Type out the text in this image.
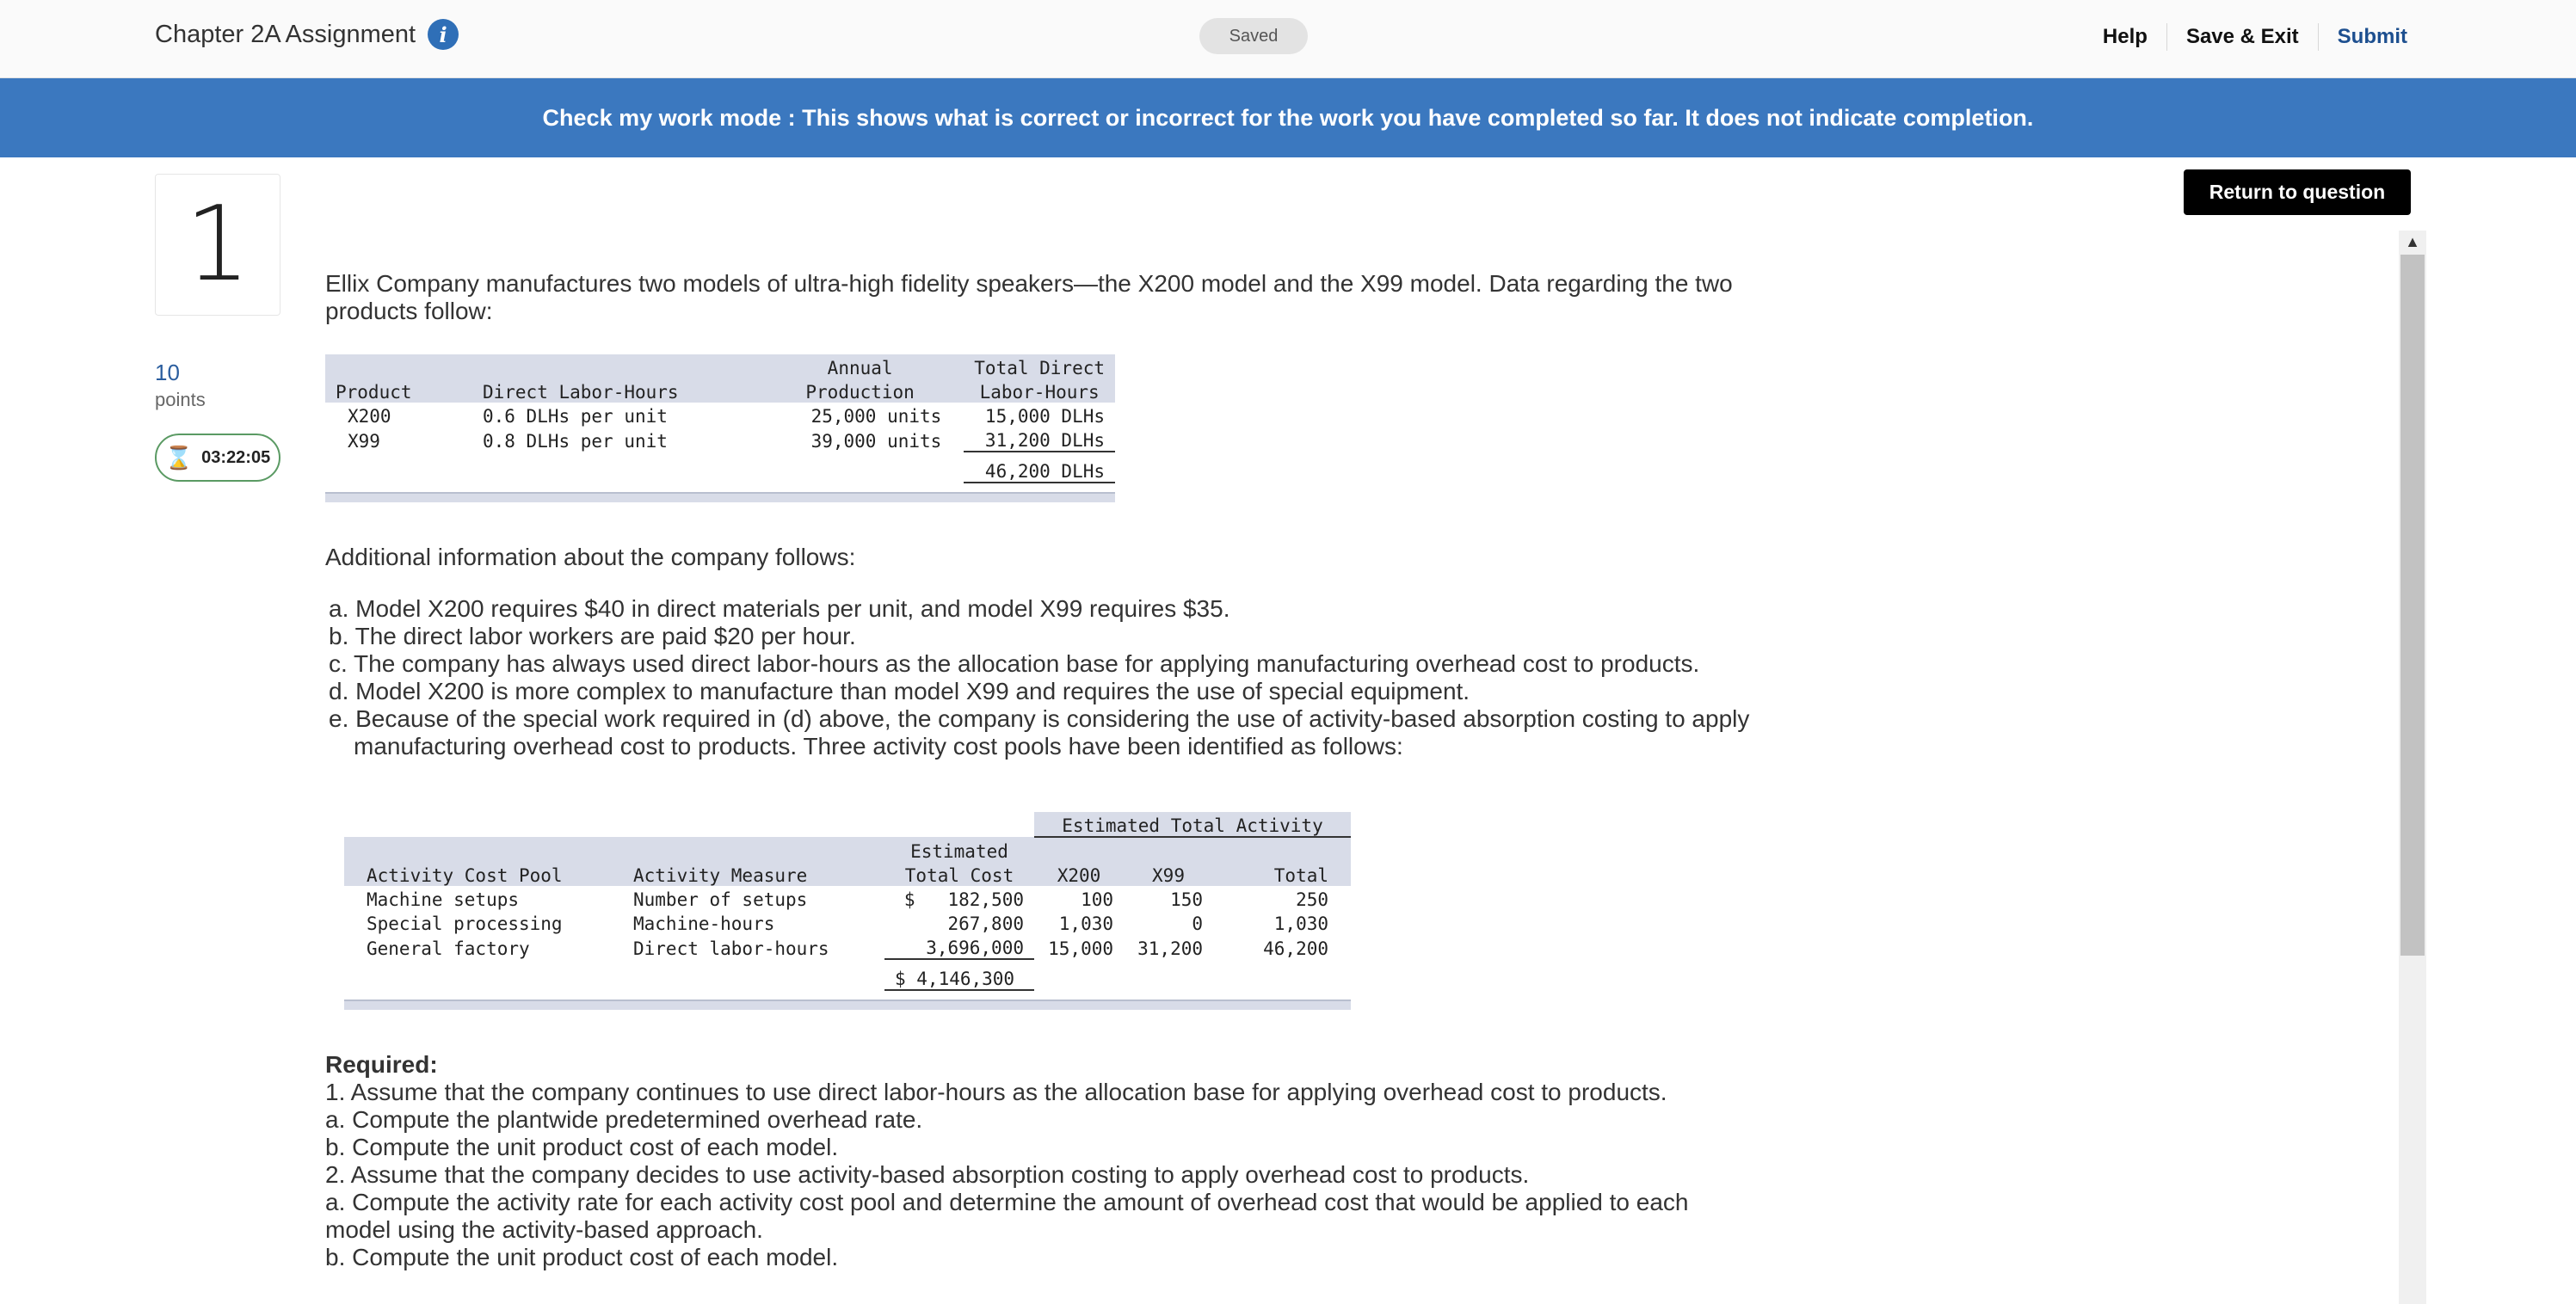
Chapter 2A Assignment	i	Saved	Help	Save & Exit	Submit
Check my work mode : This shows what is correct or incorrect for the work you have completed so far. It does not indicate completion.
1
10
points
⌛ 03:22:05
Return to question
▲
Ellix Company manufactures two models of ultra-high fidelity speakers—the X200 model and the X99 model. Data regarding the two products follow:
		Annual	Total Direct
Product	Direct Labor-Hours	Production	Labor-Hours
X200	0.6 DLHs per unit	25,000 units	15,000 DLHs
X99	0.8 DLHs per unit	39,000 units	31,200 DLHs
			46,200 DLHs
Additional information about the company follows:
a. Model X200 requires $40 in direct materials per unit, and model X99 requires $35.
b. The direct labor workers are paid $20 per hour.
c. The company has always used direct labor-hours as the allocation base for applying manufacturing overhead cost to products.
d. Model X200 is more complex to manufacture than model X99 and requires the use of special equipment.
e. Because of the special work required in (d) above, the company is considering the use of activity-based absorption costing to apply
manufacturing overhead cost to products. Three activity cost pools have been identified as follows:
			Estimated Total Activity		
		Estimated			
Activity Cost Pool	Activity Measure	Total Cost	X200	X99	Total
Machine setups	Number of setups	$   182,500	100	150	250
Special processing	Machine-hours	267,800	1,030	0	1,030
General factory	Direct labor-hours	3,696,000	15,000	31,200	46,200
		$ 4,146,300			
Required:
1. Assume that the company continues to use direct labor-hours as the allocation base for applying overhead cost to products.
a. Compute the plantwide predetermined overhead rate.
b. Compute the unit product cost of each model.
2. Assume that the company decides to use activity-based absorption costing to apply overhead cost to products.
a. Compute the activity rate for each activity cost pool and determine the amount of overhead cost that would be applied to each
model using the activity-based approach.
b. Compute the unit product cost of each model.
